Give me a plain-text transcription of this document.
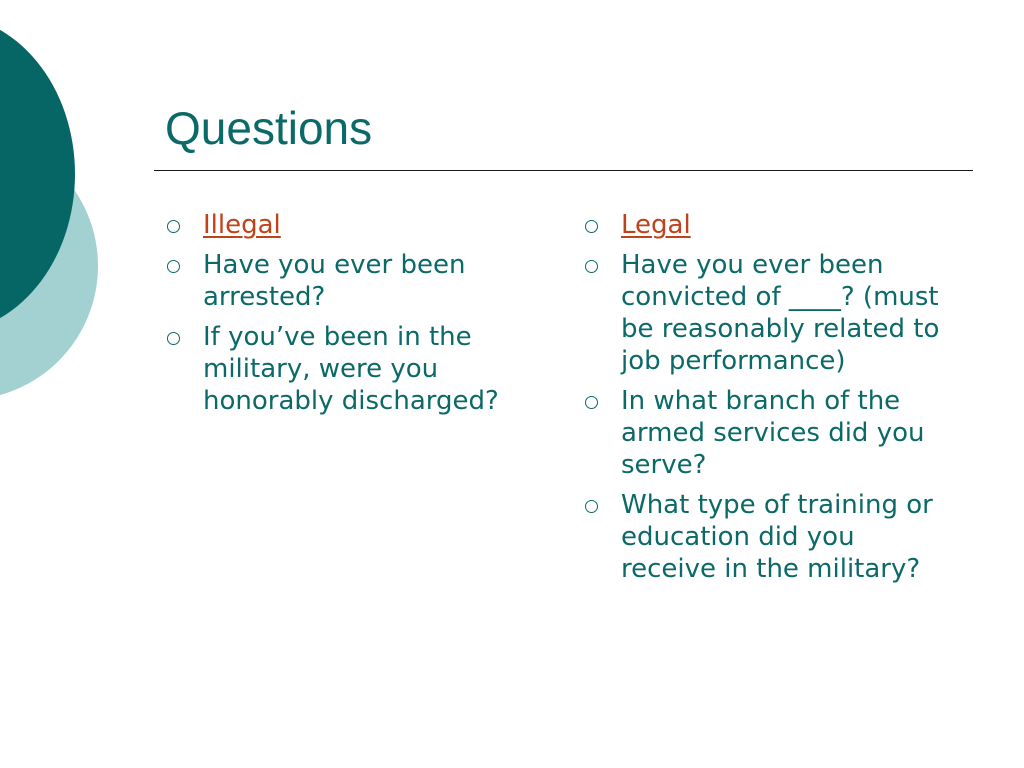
Questions
Illegal
Have you ever been arrested?
If you’ve been in the military, were you honorably discharged?
Legal
Have you ever been convicted of ____? (must be reasonably related to job performance)
In what branch of the armed services did you serve?
What type of training or education did you receive in the military?
